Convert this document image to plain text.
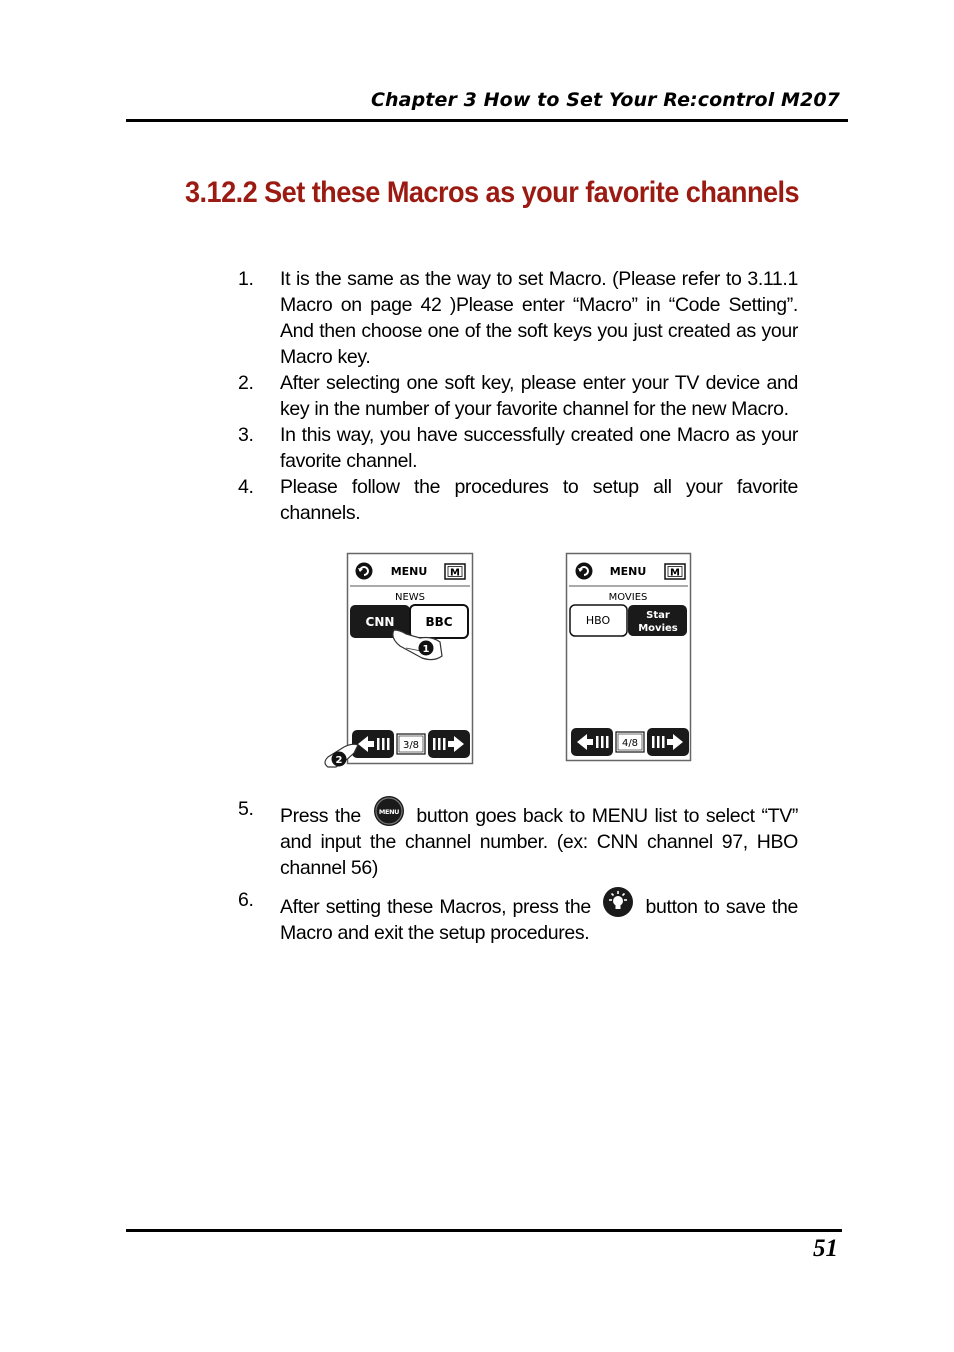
Chapter 3 How to Set Your Re:control M207
3.12.2 Set these Macros as your favorite channels
1. It is the same as the way to set Macro. (Please refer to 3.11.1 Macro on page 42 )Please enter “Macro” in “Code Setting”. And then choose one of the soft keys you just created as your Macro key.
2. After selecting one soft key, please enter your TV device and key in the number of your favorite channel for the new Macro.
3. In this way, you have successfully created one Macro as your favorite channel.
4. Please follow the procedures to setup all your favorite channels.
MENU M
NEWS
CNN	BBC
1
3/8
2
MENU M
MOVIES
HBO	Star
Movies
4/8
5. Press the	MENU button goes back to MENU list to select “TV” and input the channel number. (ex: CNN channel 97, HBO channel 56)
6. After setting these Macros, press the	button to save the Macro and exit the setup procedures.
51
